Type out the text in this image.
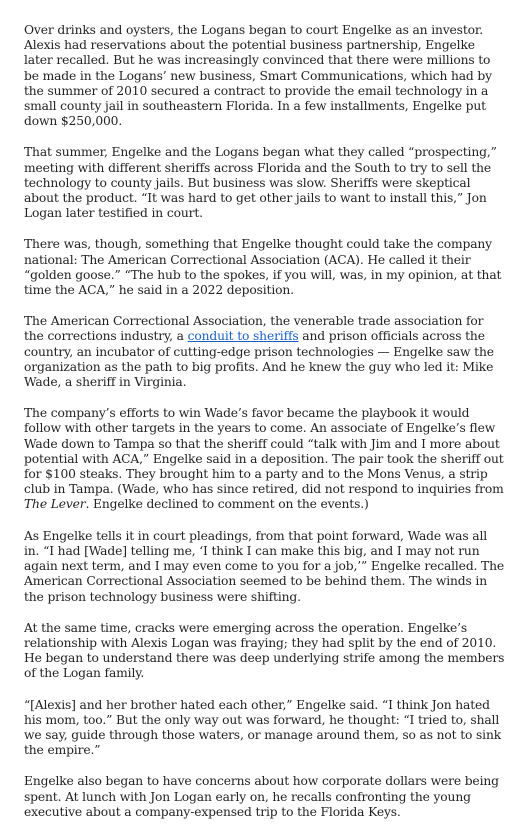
Over drinks and oysters, the Logans began to court Engelke as an investor. Alexis had reservations about the potential business partnership, Engelke later recalled. But he was increasingly convinced that there were millions to be made in the Logans’ new business, Smart Communications, which had by the summer of 2010 secured a contract to provide the email technology in a small county jail in southeastern Florida. In a few installments, Engelke put down $250,000.

That summer, Engelke and the Logans began what they called “prospecting,” meeting with different sheriffs across Florida and the South to try to sell the technology to county jails. But business was slow. Sheriffs were skeptical about the product. “It was hard to get other jails to want to install this,” Jon Logan later testified in court.

There was, though, something that Engelke thought could take the company national: The American Correctional Association (ACA). He called it their “golden goose.” “The hub to the spokes, if you will, was, in my opinion, at that time the ACA,” he said in a 2022 deposition.

The American Correctional Association, the venerable trade association for the corrections industry, a conduit to sheriffs and prison officials across the country, an incubator of cutting-edge prison technologies — Engelke saw the organization as the path to big profits. And he knew the guy who led it: Mike Wade, a sheriff in Virginia.

The company’s efforts to win Wade’s favor became the playbook it would follow with other targets in the years to come. An associate of Engelke’s flew Wade down to Tampa so that the sheriff could “talk with Jim and I more about potential with ACA,” Engelke said in a deposition. The pair took the sheriff out for $100 steaks. They brought him to a party and to the Mons Venus, a strip club in Tampa. (Wade, who has since retired, did not respond to inquiries from The Lever. Engelke declined to comment on the events.)

As Engelke tells it in court pleadings, from that point forward, Wade was all in. “I had [Wade] telling me, ‘I think I can make this big, and I may not run again next term, and I may even come to you for a job,’” Engelke recalled. The American Correctional Association seemed to be behind them. The winds in the prison technology business were shifting.

At the same time, cracks were emerging across the operation. Engelke’s relationship with Alexis Logan was fraying; they had split by the end of 2010. He began to understand there was deep underlying strife among the members of the Logan family.

“[Alexis] and her brother hated each other,” Engelke said. “I think Jon hated his mom, too.” But the only way out was forward, he thought: “I tried to, shall we say, guide through those waters, or manage around them, so as not to sink the empire.”

Engelke also began to have concerns about how corporate dollars were being spent. At lunch with Jon Logan early on, he recalls confronting the young executive about a company-expensed trip to the Florida Keys.
